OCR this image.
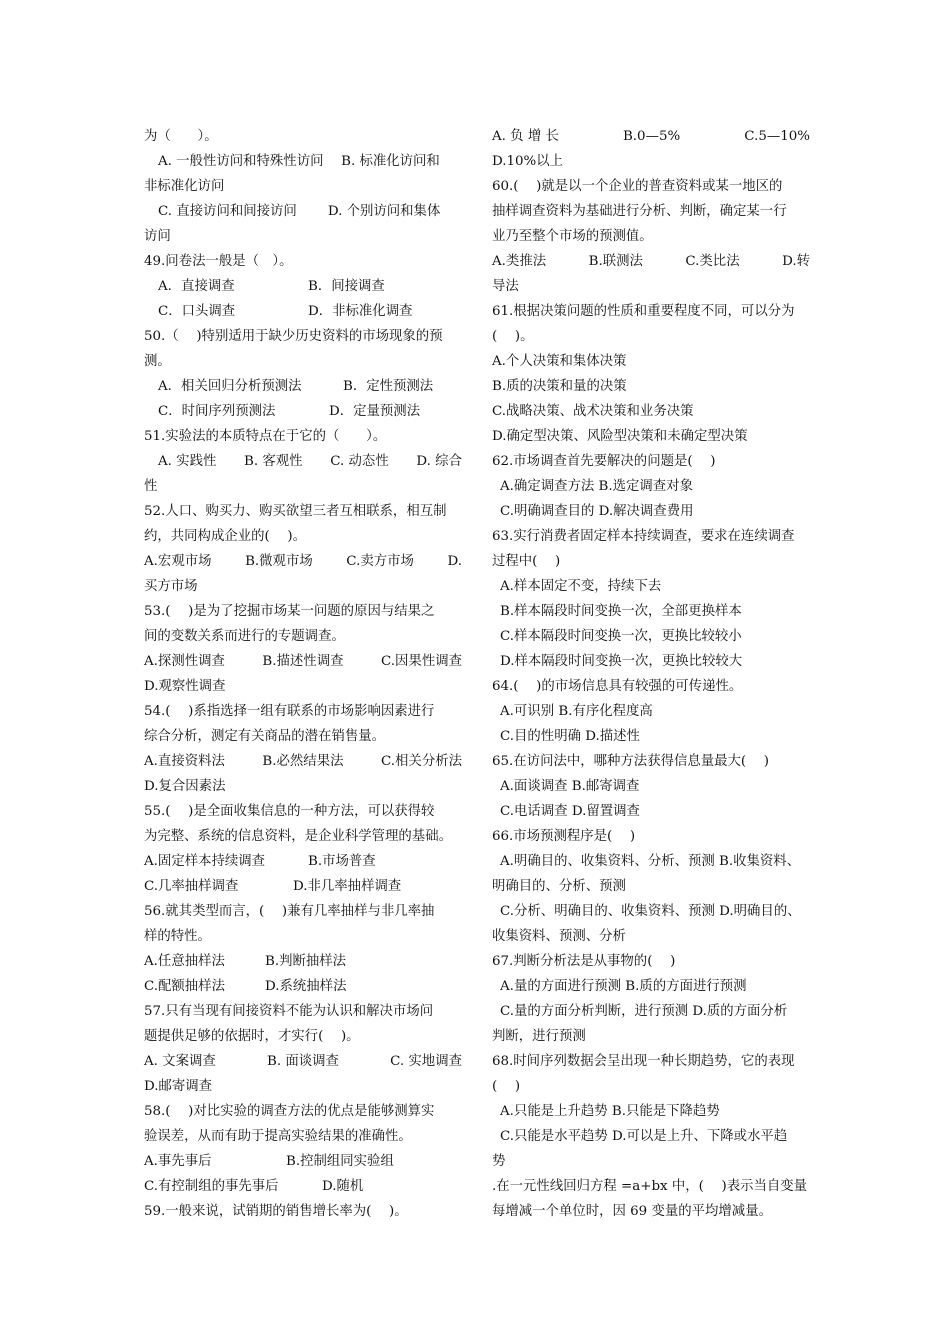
为（　　）。
A. 一般性访问和特殊性访问　 B. 标准化访问和
非标准化访问
C. 直接访问和间接访问　　 D. 个别访问和集体
访问
49.问卷法一般是（　）。
A．直接调查	B．间接调查
C．口头调查	D．非标准化调查
50.（　 )特别适用于缺少历史资料的市场现象的预
测。
A．相关回归分析预测法	B．定性预测法
C．时间序列预测法	D．定量预测法
51.实验法的本质特点在于它的（　　）。
A. 实践性 B. 客观性 C. 动态性 D. 综合
性
52.人口、购买力、购买欲望三者互相联系，相互制
约，共同构成企业的(　 )。
A.宏观市场	B.微观市场	C.卖方市场	D.
买方市场
53.(　 )是为了挖掘市场某一问题的原因与结果之
间的变数关系而进行的专题调查。
A.探测性调查	B.描述性调查	C.因果性调查
D.观察性调查
54.(　 )系指选择一组有联系的市场影响因素进行
综合分析，测定有关商品的潜在销售量。
A.直接资料法	B.必然结果法	C.相关分析法
D.复合因素法
55.(　 )是全面收集信息的一种方法，可以获得较
为完整、系统的信息资料，是企业科学管理的基础。
A.固定样本持续调查	B.市场普查
C.几率抽样调查	D.非几率抽样调查
56.就其类型而言，(　 )兼有几率抽样与非几率抽
样的特性。
A.任意抽样法	B.判断抽样法
C.配额抽样法	D.系统抽样法
57.只有当现有间接资料不能为认识和解决市场问
题提供足够的依据时，才实行(　 )。
A. 文案调查	B. 面谈调查	C. 实地调查
D.邮寄调查
58.(　 )对比实验的调查方法的优点是能够测算实
验误差，从而有助于提高实验结果的准确性。
A.事先事后	B.控制组同实验组
C.有控制组的事先事后	D.随机
59.一般来说，试销期的销售增长率为(　 )。
A. 负 增 长	B.0—5%	C.5—10%
D.10%以上
60.(　 )就是以一个企业的普查资料或某一地区的
抽样调查资料为基础进行分析、判断，确定某一行
业乃至整个市场的预测值。
A.类推法	B.联测法	C.类比法	D.转
导法
61.根据决策问题的性质和重要程度不同，可以分为
(　 )。
A.个人决策和集体决策
B.质的决策和量的决策
C.战略决策、战术决策和业务决策
D.确定型决策、风险型决策和未确定型决策
62.市场调查首先要解决的问题是(　 )
A.确定调查方法 B.选定调查对象
C.明确调查目的 D.解决调查费用
63.实行消费者固定样本持续调查，要求在连续调查
过程中(　 )
A.样本固定不变，持续下去
B.样本隔段时间变换一次，全部更换样本
C.样本隔段时间变换一次，更换比较较小
D.样本隔段时间变换一次，更换比较较大
64.(　 )的市场信息具有较强的可传递性。
A.可识别 B.有序化程度高
C.目的性明确 D.描述性
65.在访问法中，哪种方法获得信息量最大(　 )
A.面谈调查 B.邮寄调查
C.电话调查 D.留置调查
66.市场预测程序是(　 )
A.明确目的、收集资料、分析、预测 B.收集资料、
明确目的、分析、预测
C.分析、明确目的、收集资料、预测 D.明确目的、
收集资料、预测、分析
67.判断分析法是从事物的(　 )
A.量的方面进行预测 B.质的方面进行预测
C.量的方面分析判断，进行预测 D.质的方面分析
判断，进行预测
68.时间序列数据会呈出现一种长期趋势，它的表现
(　 )
A.只能是上升趋势 B.只能是下降趋势
C.只能是水平趋势 D.可以是上升、下降或水平趋
势
.在一元性线回归方程 =a+bx 中，(　 )表示当自变量
每增减一个单位时，因 69 变量的平均增减量。
